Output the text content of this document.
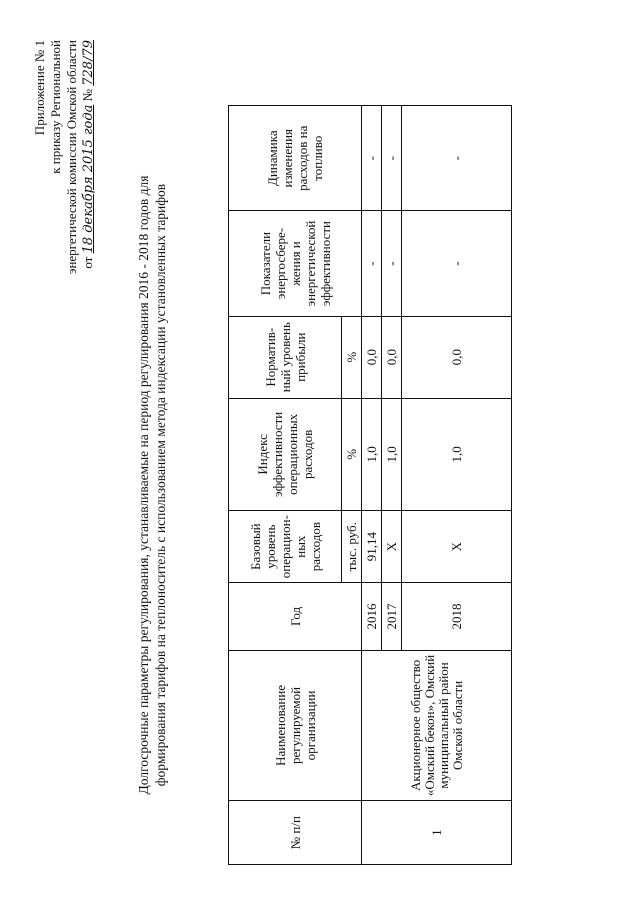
Приложение № 1 к приказу Региональной энергетической комиссии Омской области от 18 декабря 2015 года № 728/79
Долгосрочные параметры регулирования, устанавливаемые на период регулирования 2016 - 2018 годов для формирования тарифов на теплоноситель с использованием метода индексации установленных тарифов
№ п/п	Наименование регулируемой организации	Год	Базовый уровень операцион-ных расходов	Индекс эффективности операционных расходов	Норматив-ный уровень прибыли	Показатели энергосбере-жения и энергетической эффективности	Динамика изменения расходов на топливо
			тыс. руб.	%	%		
1	Акционерное общество «Омский бекон», Омский муниципальный район Омской области	2016	91,14	1,0	0,0	-	-
		2017	Х	1,0	0,0	-	-
		2018	Х	1,0	0,0	-	-
